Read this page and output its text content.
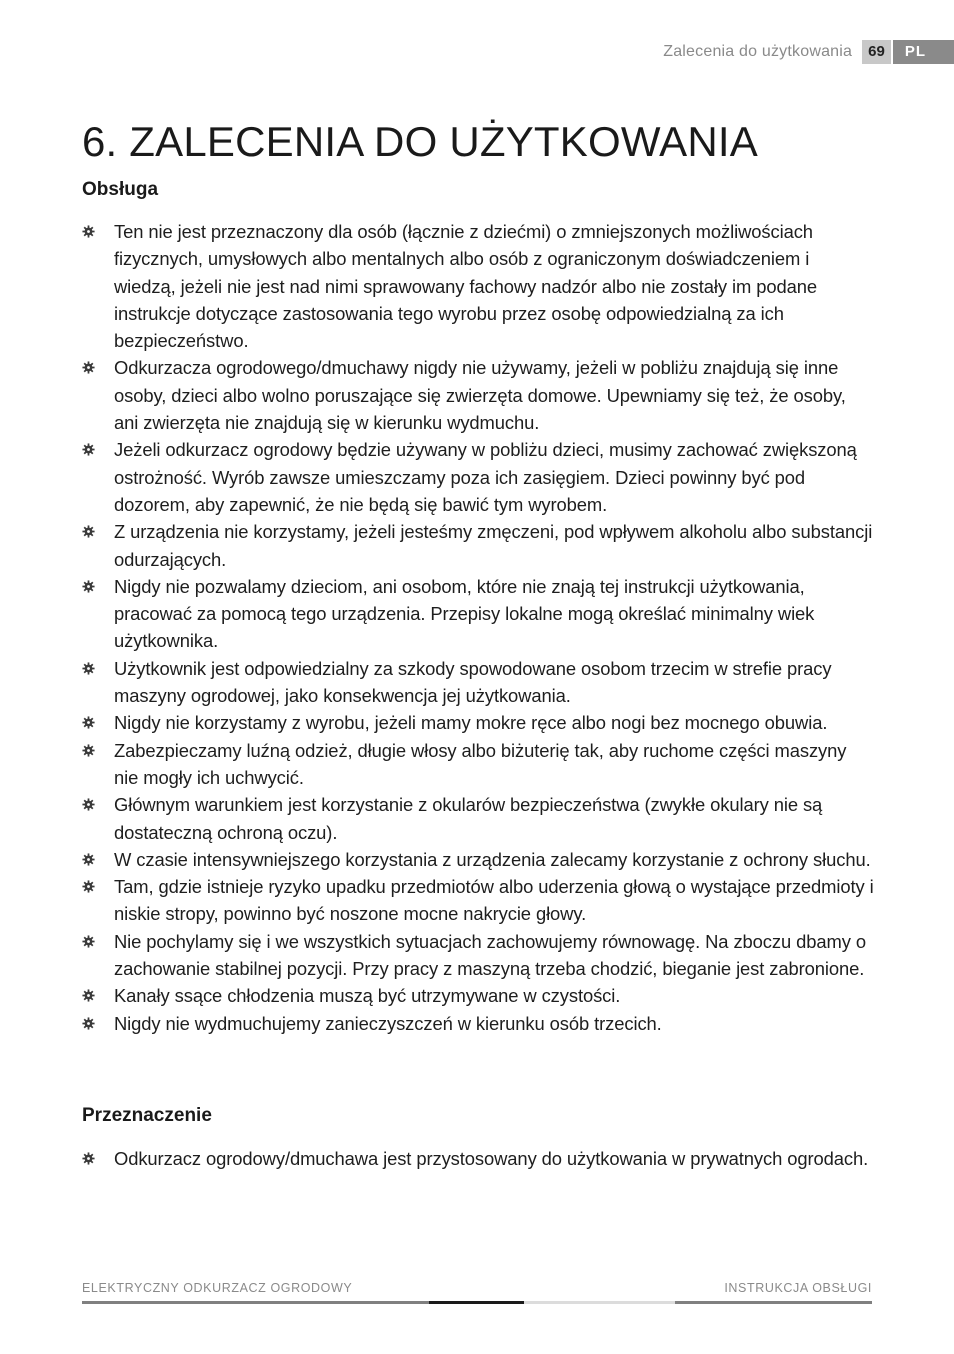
Zalecenia do użytkowania	69	PL
6. ZALECENIA DO UŻYTKOWANIA
Obsługa
Ten nie jest przeznaczony dla osób (łącznie z dziećmi) o zmniejszonych możliwościach fizycznych, umysłowych albo mentalnych albo osób z ograniczonym doświadczeniem i wiedzą, jeżeli nie jest nad nimi sprawowany fachowy nadzór albo nie zostały im podane instrukcje dotyczące zastosowania tego wyrobu przez osobę odpowiedzialną za ich bezpieczeństwo.
Odkurzacza ogrodowego/dmuchawy nigdy nie używamy, jeżeli w pobliżu znajdują się inne osoby, dzieci albo wolno poruszające się zwierzęta domowe. Upewniamy się też, że osoby, ani zwierzęta nie znajdują się w kierunku wydmuchu.
Jeżeli odkurzacz ogrodowy będzie używany w pobliżu dzieci, musimy zachować zwiększoną ostrożność. Wyrób zawsze umieszczamy poza ich zasięgiem. Dzieci powinny być pod dozorem, aby zapewnić, że nie będą się bawić tym wyrobem.
Z urządzenia nie korzystamy, jeżeli jesteśmy zmęczeni, pod wpływem alkoholu albo substancji odurzających.
Nigdy nie pozwalamy dzieciom, ani osobom, które nie znają tej instrukcji użytkowania, pracować za pomocą tego urządzenia. Przepisy lokalne mogą określać minimalny wiek użytkownika.
Użytkownik jest odpowiedzialny za szkody spowodowane osobom trzecim w strefie pracy maszyny ogrodowej, jako konsekwencja jej użytkowania.
Nigdy nie korzystamy z wyrobu, jeżeli mamy mokre ręce albo nogi bez mocnego obuwia.
Zabezpieczamy luźną odzież, długie włosy albo biżuterię tak, aby ruchome części maszyny nie mogły ich uchwycić.
Głównym warunkiem jest korzystanie z okularów bezpieczeństwa (zwykłe okulary nie są dostateczną ochroną oczu).
W czasie intensywniejszego korzystania z urządzenia zalecamy korzystanie z ochrony słuchu.
Tam, gdzie istnieje ryzyko upadku przedmiotów albo uderzenia głową o wystające przedmioty i niskie stropy, powinno być noszone mocne nakrycie głowy.
Nie pochylamy się i we wszystkich sytuacjach zachowujemy równowagę. Na zboczu dbamy o zachowanie stabilnej pozycji. Przy pracy z maszyną trzeba chodzić, bieganie jest zabronione.
Kanały ssące chłodzenia muszą być utrzymywane w czystości.
Nigdy nie wydmuchujemy zanieczyszczeń w kierunku osób trzecich.
Przeznaczenie
Odkurzacz ogrodowy/dmuchawa jest przystosowany do użytkowania w prywatnych ogrodach.
ELEKTRYCZNY ODKURZACZ OGRODOWY	INSTRUKCJA OBSŁUGI
